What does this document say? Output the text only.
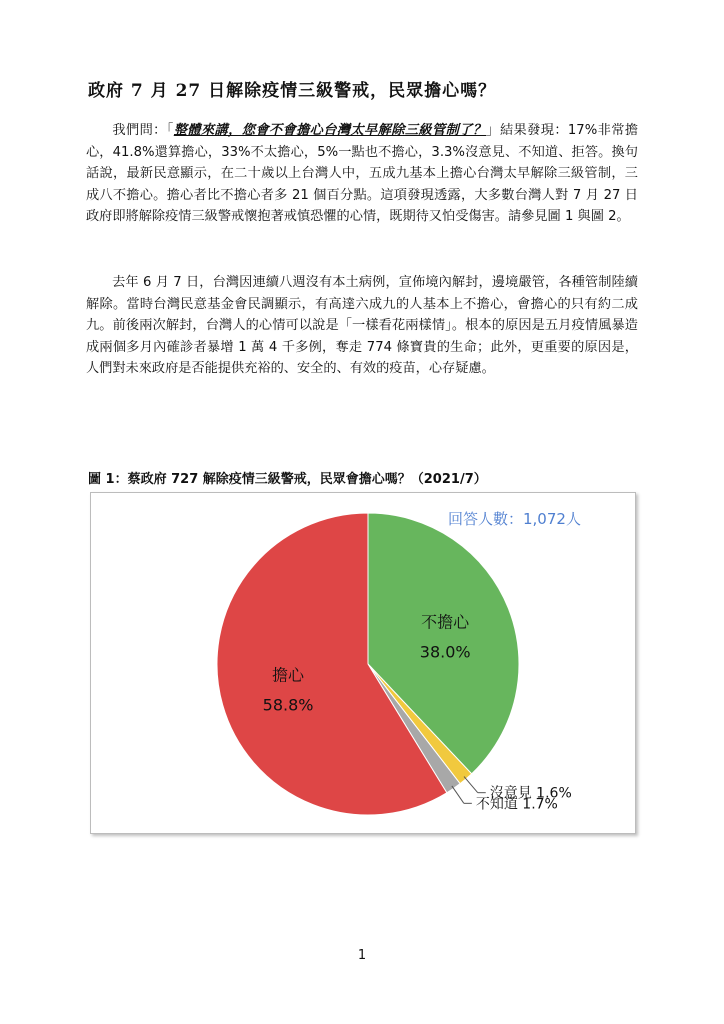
政府 7 月 27 日解除疫情三級警戒，民眾擔心嗎？

我們問：「整體來講，您會不會擔心台灣太早解除三級管制了？」結果發現：17%非常擔心，41.8%還算擔心，33%不太擔心，5%一點也不擔心，3.3%沒意見、不知道、拒答。換句話說，最新民意顯示，在二十歲以上台灣人中，五成九基本上擔心台灣太早解除三級管制，三成八不擔心。擔心者比不擔心者多 21 個百分點。這項發現透露，大多數台灣人對 7 月 27 日政府即將解除疫情三級警戒懷抱著戒慎恐懼的心情，既期待又怕受傷害。請參見圖 1 與圖 2。

去年 6 月 7 日，台灣因連續八週沒有本土病例，宣佈境內解封，邊境嚴管，各種管制陸續解除。當時台灣民意基金會民調顯示，有高達六成九的人基本上不擔心，會擔心的只有約二成九。前後兩次解封，台灣人的心情可以說是「一樣看花兩樣情」。根本的原因是五月疫情風暴造成兩個多月內確診者暴增 1 萬 4 千多例，奪走 774 條寶貴的生命；此外，更重要的原因是，人們對未來政府是否能提供充裕的、安全的、有效的疫苗，心存疑慮。

圖 1：蔡政府 727 解除疫情三級警戒，民眾會擔心嗎？（2021/7）
回答人數：1,072人
不擔心
38.0%
沒意見 1.6%
不知道 1.7%
擔心
58.8%
1
